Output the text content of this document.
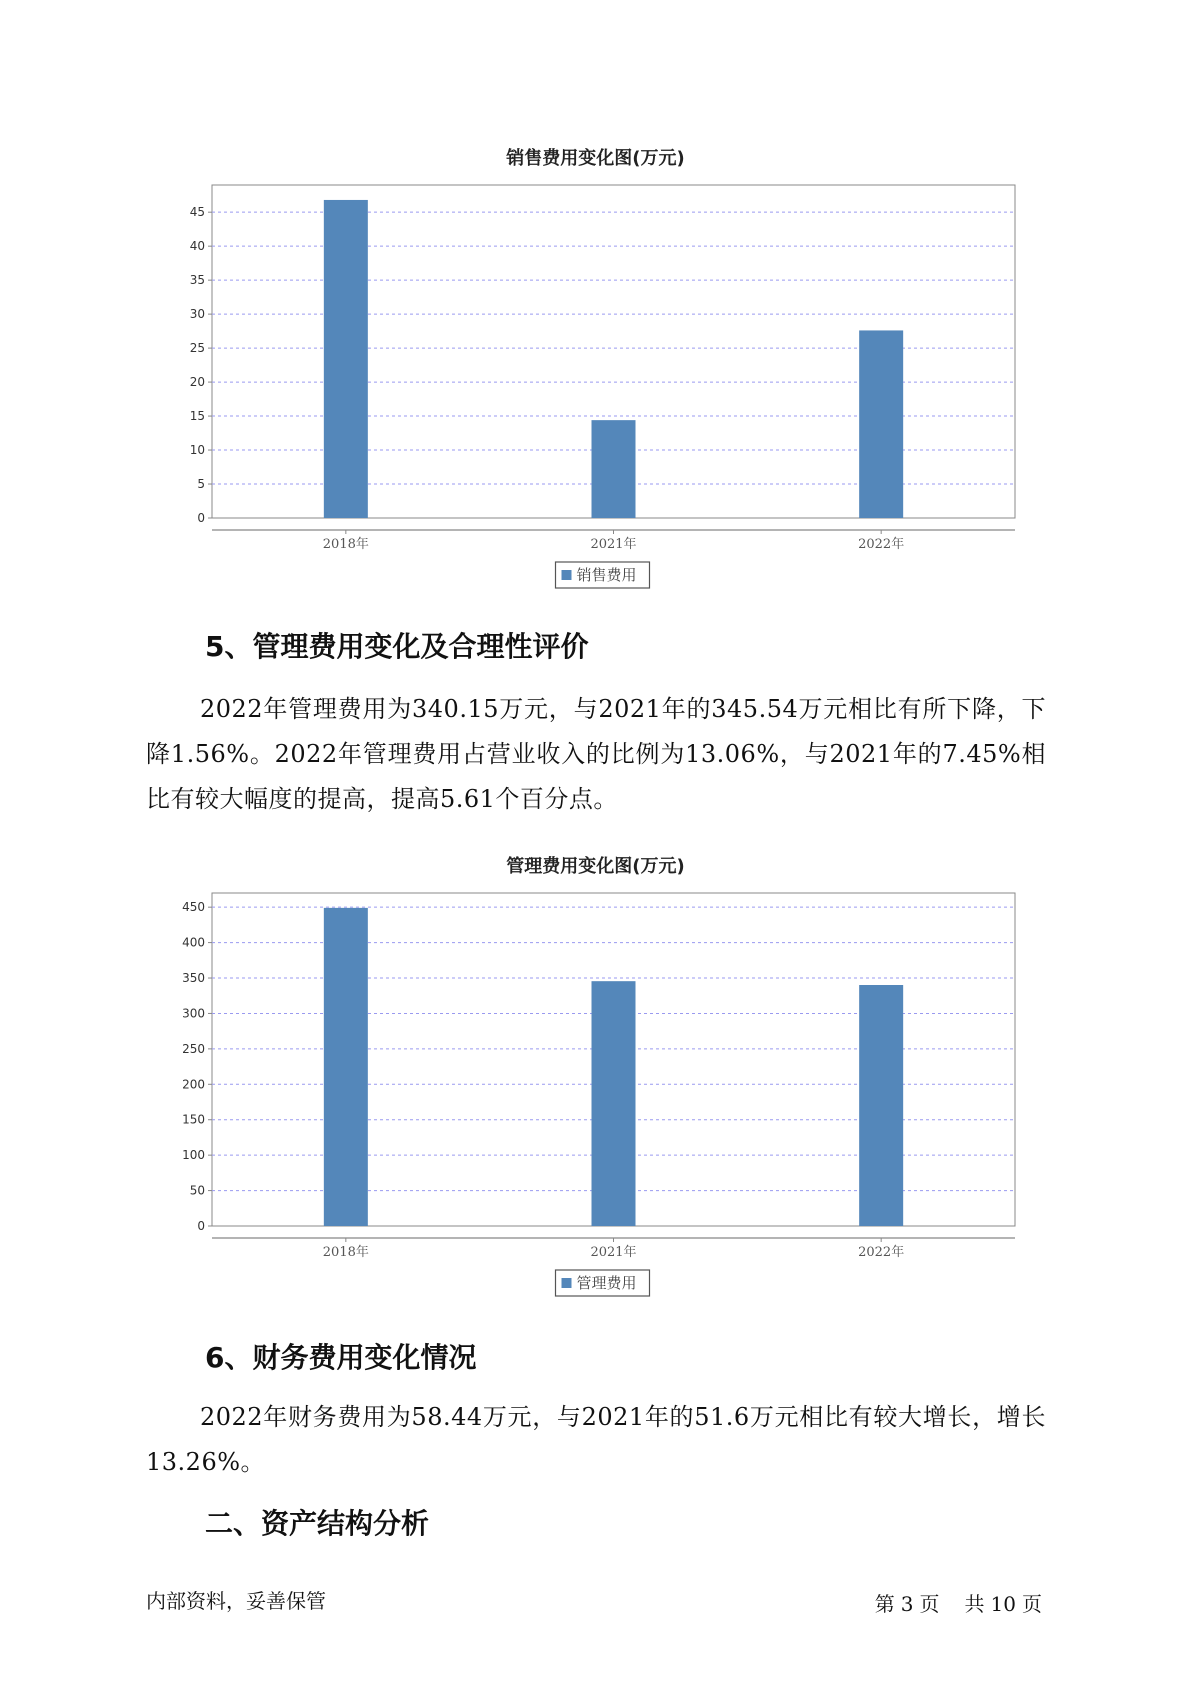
销售费用变化图(万元)
0
5
10
15
20
25
30
35
40
45
2018年	2021年	2022年
销售费用
5、管理费用变化及合理性评价

2022年管理费用为340.15万元，与2021年的345.54万元相比有所下降，下降1.56%。2022年管理费用占营业收入的比例为13.06%，与2021年的7.45%相比有较大幅度的提高，提高5.61个百分点。

管理费用变化图(万元)
0
50
100
150
200
250
300
350
400
450
2018年	2021年	2022年
管理费用
6、财务费用变化情况

2022年财务费用为58.44万元，与2021年的51.6万元相比有较大增长，增长13.26%。

二、资产结构分析
内部资料，妥善保管	第 3 页 共 10 页
